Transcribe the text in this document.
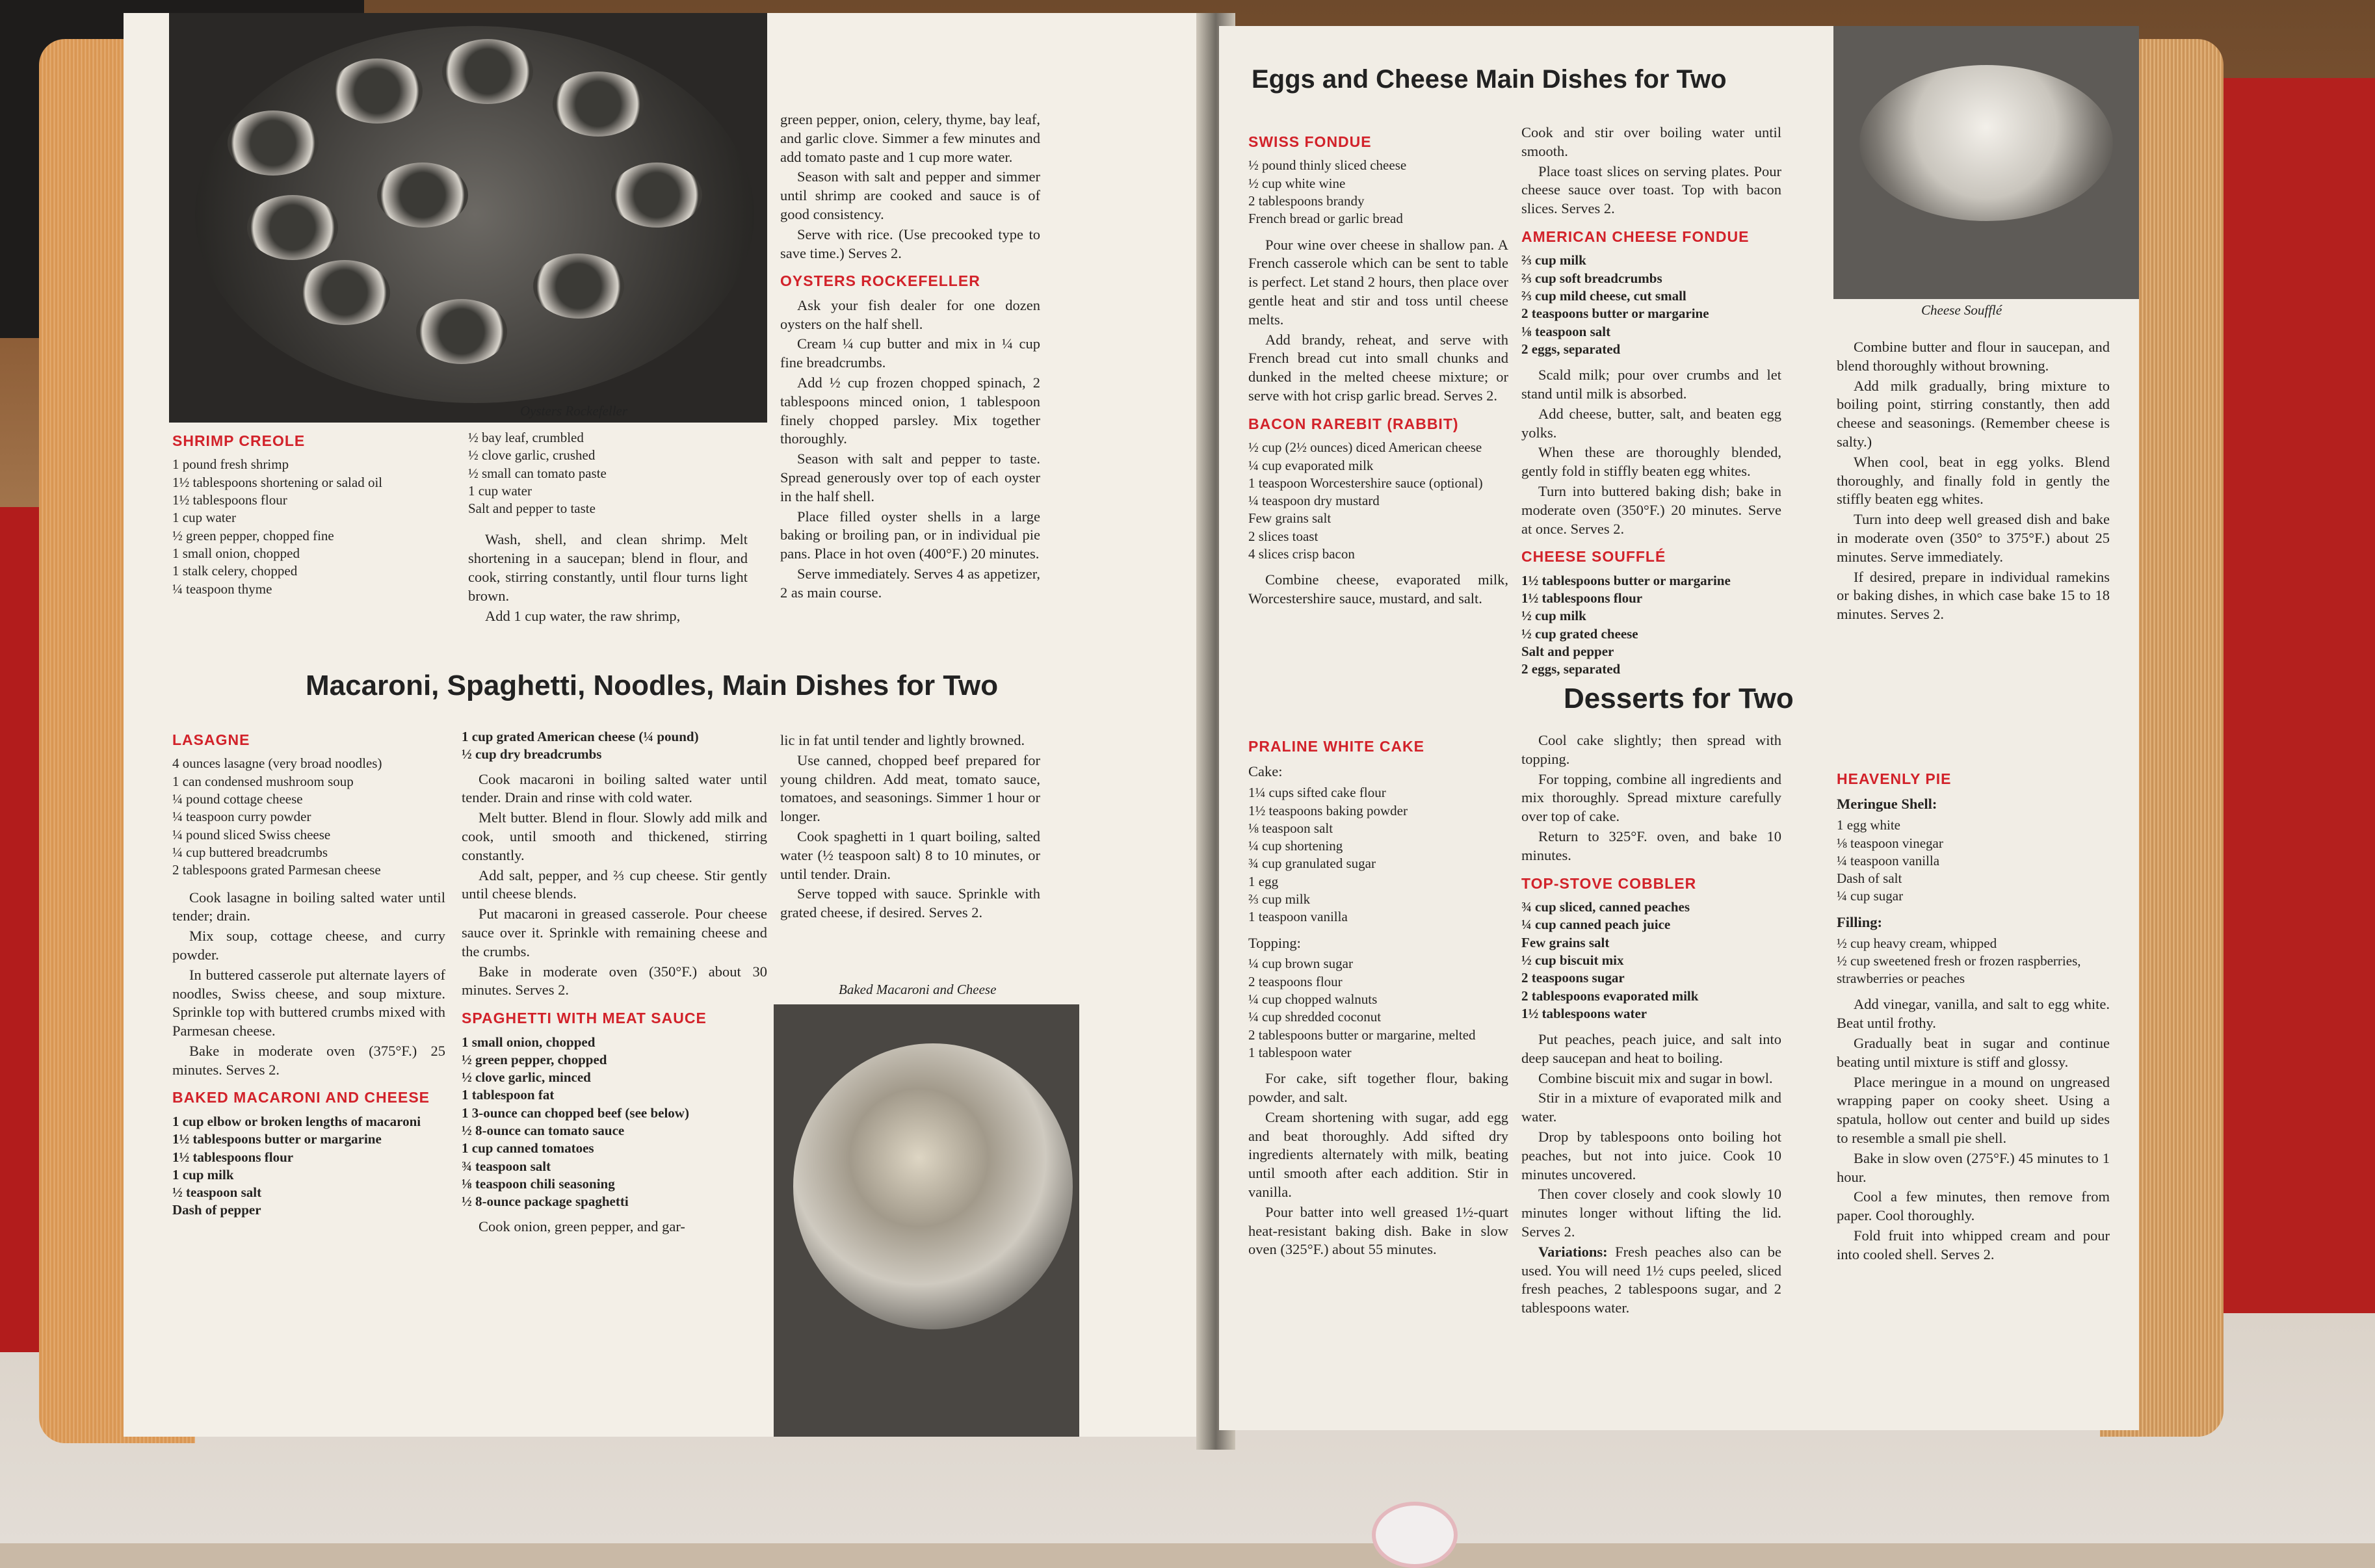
Oysters Rockefeller
SHRIMP CREOLE
1 pound fresh shrimp
1½ tablespoons shortening or salad oil
1½ tablespoons flour
1 cup water
½ green pepper, chopped fine
1 small onion, chopped
1 stalk celery, chopped
¼ teaspoon thyme
½ bay leaf, crumbled
½ clove garlic, crushed
½ small can tomato paste
1 cup water
Salt and pepper to taste

Wash, shell, and clean shrimp. Melt shortening in a saucepan; blend in flour, and cook, stirring constantly, until flour turns light brown.

Add 1 cup water, the raw shrimp,

green pepper, onion, celery, thyme, bay leaf, and garlic clove. Simmer a few minutes and add tomato paste and 1 cup more water.

Season with salt and pepper and simmer until shrimp are cooked and sauce is of good consistency.

Serve with rice. (Use precooked type to save time.) Serves 2.

OYSTERS ROCKEFELLER

Ask your fish dealer for one dozen oysters on the half shell.

Cream ¼ cup butter and mix in ¼ cup fine breadcrumbs.

Add ½ cup frozen chopped spinach, 2 tablespoons minced onion, 1 tablespoon finely chopped parsley. Mix together thoroughly.

Season with salt and pepper to taste. Spread generously over top of each oyster in the half shell.

Place filled oyster shells in a large baking or broiling pan, or in individual pie pans. Place in hot oven (400°F.) 20 minutes.

Serve immediately. Serves 4 as appetizer, 2 as main course.

Macaroni, Spaghetti, Noodles, Main Dishes for Two
LASAGNE
4 ounces lasagne (very broad noodles)
1 can condensed mushroom soup
¼ pound cottage cheese
¼ teaspoon curry powder
¼ pound sliced Swiss cheese
¼ cup buttered breadcrumbs
2 tablespoons grated Parmesan cheese

Cook lasagne in boiling salted water until tender; drain.

Mix soup, cottage cheese, and curry powder.

In buttered casserole put alternate layers of noodles, Swiss cheese, and soup mixture. Sprinkle top with buttered crumbs mixed with Parmesan cheese.

Bake in moderate oven (375°F.) 25 minutes. Serves 2.

BAKED MACARONI AND CHEESE
1 cup elbow or broken lengths of macaroni
1½ tablespoons butter or margarine
1½ tablespoons flour
1 cup milk
½ teaspoon salt
Dash of pepper
1 cup grated American cheese (¼ pound)
½ cup dry breadcrumbs

Cook macaroni in boiling salted water until tender. Drain and rinse with cold water.

Melt butter. Blend in flour. Slowly add milk and cook, until smooth and thickened, stirring constantly.

Add salt, pepper, and ⅔ cup cheese. Stir gently until cheese blends.

Put macaroni in greased casserole. Pour cheese sauce over it. Sprinkle with remaining cheese and the crumbs.

Bake in moderate oven (350°F.) about 30 minutes. Serves 2.

SPAGHETTI WITH MEAT SAUCE
1 small onion, chopped
½ green pepper, chopped
½ clove garlic, minced
1 tablespoon fat
1 3-ounce can chopped beef (see below)
½ 8-ounce can tomato sauce
1 cup canned tomatoes
¾ teaspoon salt
⅛ teaspoon chili seasoning
½ 8-ounce package spaghetti

Cook onion, green pepper, and gar-

lic in fat until tender and lightly browned.

Use canned, chopped beef prepared for young children. Add meat, tomato sauce, tomatoes, and seasonings. Simmer 1 hour or longer.

Cook spaghetti in 1 quart boiling, salted water (½ teaspoon salt) 8 to 10 minutes, or until tender. Drain.

Serve topped with sauce. Sprinkle with grated cheese, if desired. Serves 2.

Baked Macaroni and Cheese
Eggs and Cheese Main Dishes for Two
SWISS FONDUE
½ pound thinly sliced cheese
½ cup white wine
2 tablespoons brandy
French bread or garlic bread

Pour wine over cheese in shallow pan. A French casserole which can be sent to table is perfect. Let stand 2 hours, then place over gentle heat and stir and toss until cheese melts.

Add brandy, reheat, and serve with French bread cut into small chunks and dunked in the melted cheese mixture; or serve with hot crisp garlic bread. Serves 2.

BACON RAREBIT (RABBIT)
½ cup (2½ ounces) diced American cheese
¼ cup evaporated milk
1 teaspoon Worcestershire sauce (optional)
¼ teaspoon dry mustard
Few grains salt
2 slices toast
4 slices crisp bacon

Combine cheese, evaporated milk, Worcestershire sauce, mustard, and salt.

Cook and stir over boiling water until smooth.

Place toast slices on serving plates. Pour cheese sauce over toast. Top with bacon slices. Serves 2.

AMERICAN CHEESE FONDUE
⅔ cup milk
⅔ cup soft breadcrumbs
⅔ cup mild cheese, cut small
2 teaspoons butter or margarine
⅛ teaspoon salt
2 eggs, separated

Scald milk; pour over crumbs and let stand until milk is absorbed.

Add cheese, butter, salt, and beaten egg yolks.

When these are thoroughly blended, gently fold in stiffly beaten egg whites.

Turn into buttered baking dish; bake in moderate oven (350°F.) 20 minutes. Serve at once. Serves 2.

CHEESE SOUFFLÉ
1½ tablespoons butter or margarine
1½ tablespoons flour
½ cup milk
½ cup grated cheese
Salt and pepper
2 eggs, separated
Cheese Soufflé

Combine butter and flour in saucepan, and blend thoroughly without browning.

Add milk gradually, bring mixture to boiling point, stirring constantly, then add cheese and seasonings. (Remember cheese is salty.)

When cool, beat in egg yolks. Blend thoroughly, and finally fold in gently the stiffly beaten egg whites.

Turn into deep well greased dish and bake in moderate oven (350° to 375°F.) about 25 minutes. Serve immediately.

If desired, prepare in individual ramekins or baking dishes, in which case bake 15 to 18 minutes. Serves 2.

Desserts for Two
PRALINE WHITE CAKE
Cake:
1¼ cups sifted cake flour
1½ teaspoons baking powder
⅛ teaspoon salt
¼ cup shortening
¾ cup granulated sugar
1 egg
⅔ cup milk
1 teaspoon vanilla
Topping:
¼ cup brown sugar
2 teaspoons flour
¼ cup chopped walnuts
¼ cup shredded coconut
2 tablespoons butter or margarine, melted
1 tablespoon water

For cake, sift together flour, baking powder, and salt.

Cream shortening with sugar, add egg and beat thoroughly. Add sifted dry ingredients alternately with milk, beating until smooth after each addition. Stir in vanilla.

Pour batter into well greased 1½-quart heat-resistant baking dish. Bake in slow oven (325°F.) about 55 minutes.

Cool cake slightly; then spread with topping.

For topping, combine all ingredients and mix thoroughly. Spread mixture carefully over top of cake.

Return to 325°F. oven, and bake 10 minutes.

TOP-STOVE COBBLER
¾ cup sliced, canned peaches
¼ cup canned peach juice
Few grains salt
½ cup biscuit mix
2 teaspoons sugar
2 tablespoons evaporated milk
1½ tablespoons water

Put peaches, peach juice, and salt into deep saucepan and heat to boiling.

Combine biscuit mix and sugar in bowl.

Stir in a mixture of evaporated milk and water.

Drop by tablespoons onto boiling hot peaches, but not into juice. Cook 10 minutes uncovered.

Then cover closely and cook slowly 10 minutes longer without lifting the lid. Serves 2.

Variations: Fresh peaches also can be used. You will need 1½ cups peeled, sliced fresh peaches, 2 tablespoons sugar, and 2 tablespoons water.

HEAVENLY PIE
Meringue Shell:
1 egg white
⅛ teaspoon vinegar
¼ teaspoon vanilla
Dash of salt
¼ cup sugar
Filling:
½ cup heavy cream, whipped
½ cup sweetened fresh or frozen raspberries, strawberries or peaches

Add vinegar, vanilla, and salt to egg white. Beat until frothy.

Gradually beat in sugar and continue beating until mixture is stiff and glossy.

Place meringue in a mound on ungreased wrapping paper on cooky sheet. Using a spatula, hollow out center and build up sides to resemble a small pie shell.

Bake in slow oven (275°F.) 45 minutes to 1 hour.

Cool a few minutes, then remove from paper. Cool thoroughly.

Fold fruit into whipped cream and pour into cooled shell. Serves 2.
